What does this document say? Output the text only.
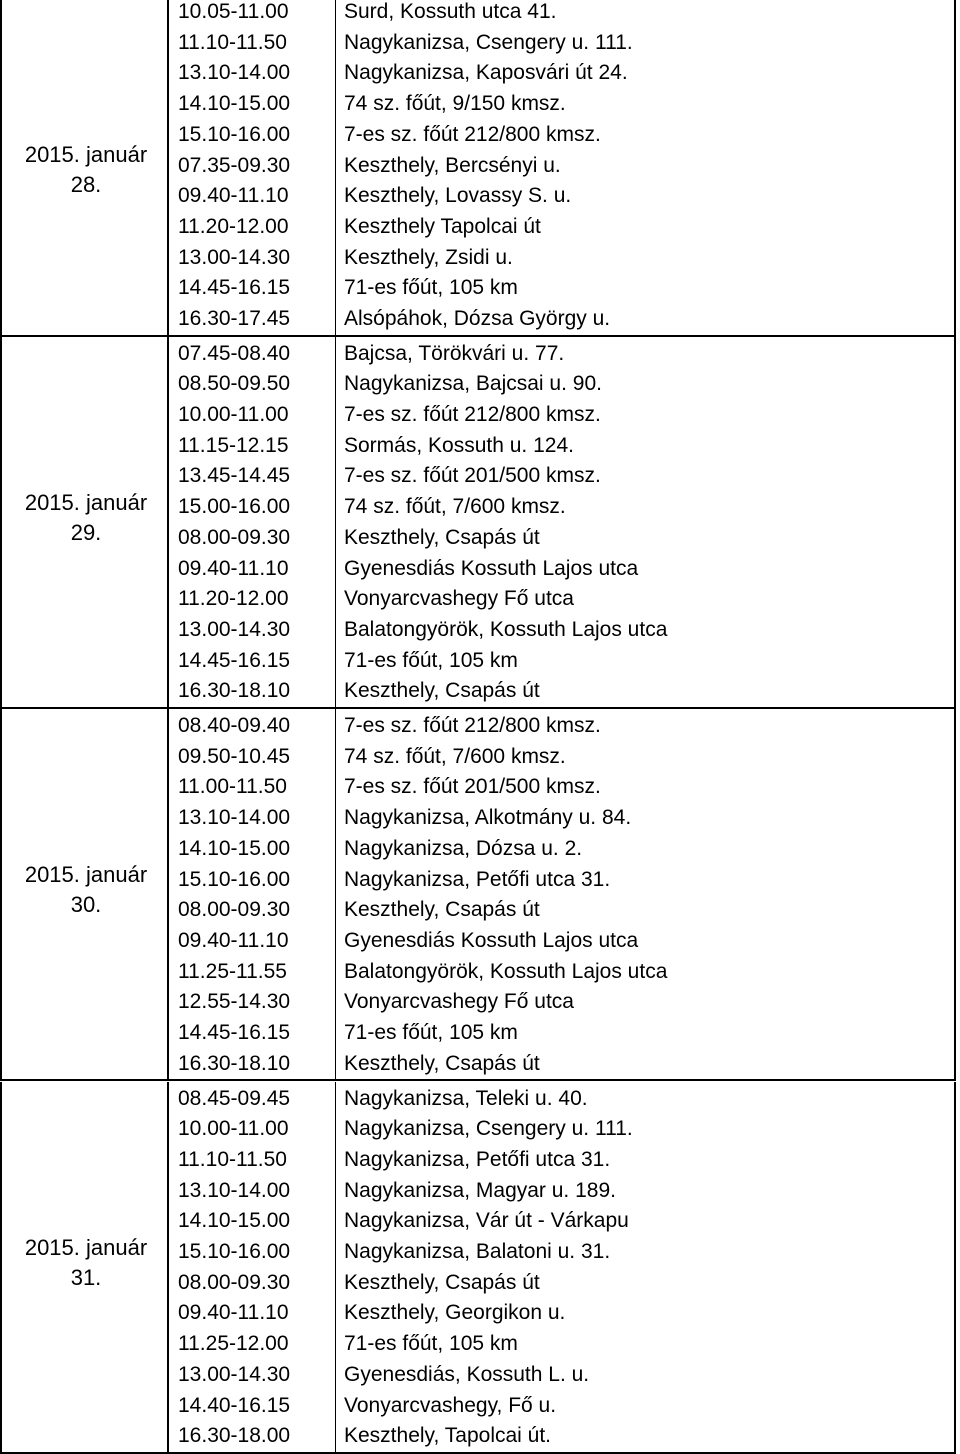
2015. január
28.
10.05-11.00	Surd, Kossuth utca 41.
11.10-11.50	Nagykanizsa, Csengery u. 111.
13.10-14.00	Nagykanizsa, Kaposvári út 24.
14.10-15.00	74 sz. főút, 9/150 kmsz.
15.10-16.00	7-es sz. főút 212/800 kmsz.
07.35-09.30	Keszthely, Bercsényi u.
09.40-11.10	Keszthely, Lovassy S. u.
11.20-12.00	Keszthely Tapolcai út
13.00-14.30	Keszthely, Zsidi u.
14.45-16.15	71-es főút, 105 km
16.30-17.45	Alsópáhok, Dózsa György u.
2015. január
29.
07.45-08.40	Bajcsa, Törökvári u. 77.
08.50-09.50	Nagykanizsa, Bajcsai u. 90.
10.00-11.00	7-es sz. főút 212/800 kmsz.
11.15-12.15	Sormás, Kossuth u. 124.
13.45-14.45	7-es sz. főút 201/500 kmsz.
15.00-16.00	74 sz. főút, 7/600 kmsz.
08.00-09.30	Keszthely, Csapás út
09.40-11.10	Gyenesdiás Kossuth Lajos utca
11.20-12.00	Vonyarcvashegy Fő utca
13.00-14.30	Balatongyörök, Kossuth Lajos utca
14.45-16.15	71-es főút, 105 km
16.30-18.10	Keszthely, Csapás út
2015. január
30.
08.40-09.40	7-es sz. főút 212/800 kmsz.
09.50-10.45	74 sz. főút, 7/600 kmsz.
11.00-11.50	7-es sz. főút 201/500 kmsz.
13.10-14.00	Nagykanizsa, Alkotmány u. 84.
14.10-15.00	Nagykanizsa, Dózsa u. 2.
15.10-16.00	Nagykanizsa, Petőfi utca 31.
08.00-09.30	Keszthely, Csapás út
09.40-11.10	Gyenesdiás Kossuth Lajos utca
11.25-11.55	Balatongyörök, Kossuth Lajos utca
12.55-14.30	Vonyarcvashegy Fő utca
14.45-16.15	71-es főút, 105 km
16.30-18.10	Keszthely, Csapás út
2015. január
31.
08.45-09.45	Nagykanizsa, Teleki u. 40.
10.00-11.00	Nagykanizsa, Csengery u. 111.
11.10-11.50	Nagykanizsa, Petőfi utca 31.
13.10-14.00	Nagykanizsa, Magyar u. 189.
14.10-15.00	Nagykanizsa, Vár út - Várkapu
15.10-16.00	Nagykanizsa, Balatoni u. 31.
08.00-09.30	Keszthely, Csapás út
09.40-11.10	Keszthely, Georgikon u.
11.25-12.00	71-es főút, 105 km
13.00-14.30	Gyenesdiás, Kossuth L. u.
14.40-16.15	Vonyarcvashegy, Fő u.
16.30-18.00	Keszthely, Tapolcai út.
